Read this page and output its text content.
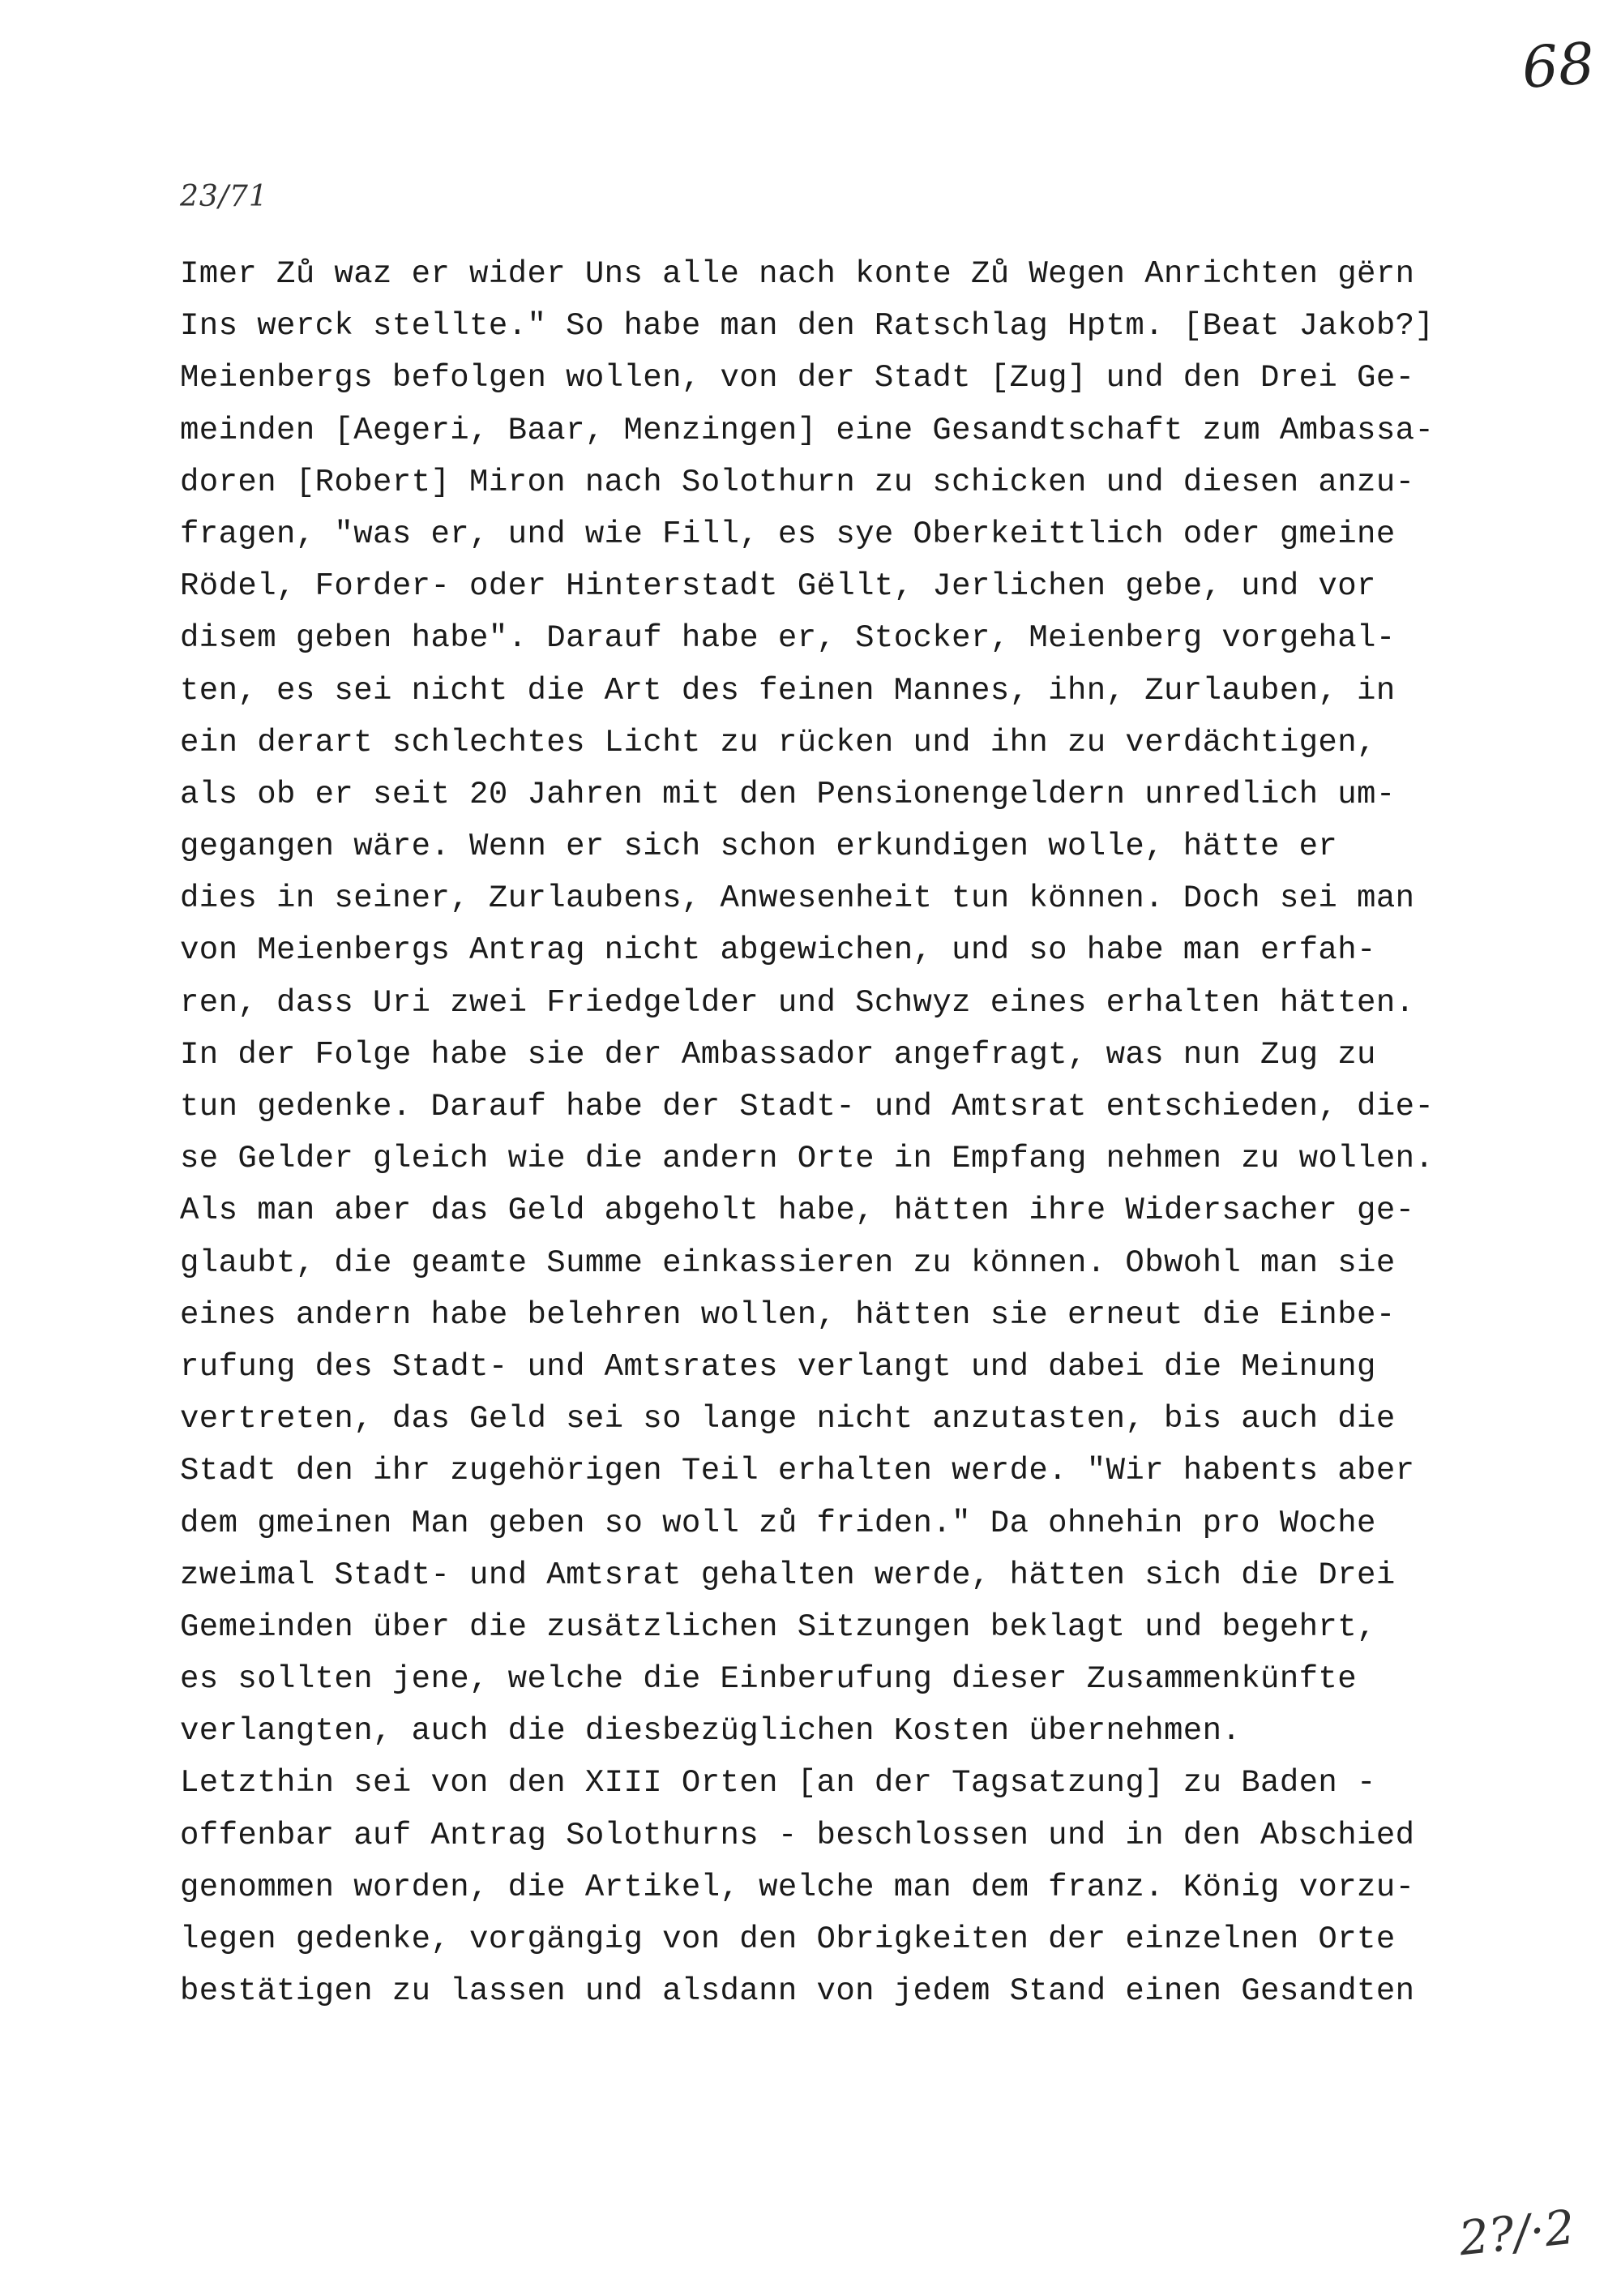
68
23/71
Imer Zů waz er wider Uns alle nach konte Zů Wegen Anrichten gërn
Ins werck stellte." So habe man den Ratschlag Hptm. [Beat Jakob?]
Meienbergs befolgen wollen, von der Stadt [Zug] und den Drei Ge-
meinden [Aegeri, Baar, Menzingen] eine Gesandtschaft zum Ambassa-
doren [Robert] Miron nach Solothurn zu schicken und diesen anzu-
fragen, "was er, und wie Fill, es sye Oberkeittlich oder gmeine
Rödel, Forder- oder Hinterstadt Gëllt, Jerlichen gebe, und vor
disem geben habe". Darauf habe er, Stocker, Meienberg vorgehal-
ten, es sei nicht die Art des feinen Mannes, ihn, Zurlauben, in
ein derart schlechtes Licht zu rücken und ihn zu verdächtigen,
als ob er seit 20 Jahren mit den Pensionengeldern unredlich um-
gegangen wäre. Wenn er sich schon erkundigen wolle, hätte er
dies in seiner, Zurlaubens, Anwesenheit tun können. Doch sei man
von Meienbergs Antrag nicht abgewichen, und so habe man erfah-
ren, dass Uri zwei Friedgelder und Schwyz eines erhalten hätten.
In der Folge habe sie der Ambassador angefragt, was nun Zug zu
tun gedenke. Darauf habe der Stadt- und Amtsrat entschieden, die-
se Gelder gleich wie die andern Orte in Empfang nehmen zu wollen.
Als man aber das Geld abgeholt habe, hätten ihre Widersacher ge-
glaubt, die geamte Summe einkassieren zu können. Obwohl man sie
eines andern habe belehren wollen, hätten sie erneut die Einbe-
rufung des Stadt- und Amtsrates verlangt und dabei die Meinung
vertreten, das Geld sei so lange nicht anzutasten, bis auch die
Stadt den ihr zugehörigen Teil erhalten werde. "Wir habents aber
dem gmeinen Man geben so woll zů friden." Da ohnehin pro Woche
zweimal Stadt- und Amtsrat gehalten werde, hätten sich die Drei
Gemeinden über die zusätzlichen Sitzungen beklagt und begehrt,
es sollten jene, welche die Einberufung dieser Zusammenkünfte
verlangten, auch die diesbezüglichen Kosten übernehmen.
Letzthin sei von den XIII Orten [an der Tagsatzung] zu Baden -
offenbar auf Antrag Solothurns - beschlossen und in den Abschied
genommen worden, die Artikel, welche man dem franz. König vorzu-
legen gedenke, vorgängig von den Obrigkeiten der einzelnen Orte
bestätigen zu lassen und alsdann von jedem Stand einen Gesandten
2?/·2
